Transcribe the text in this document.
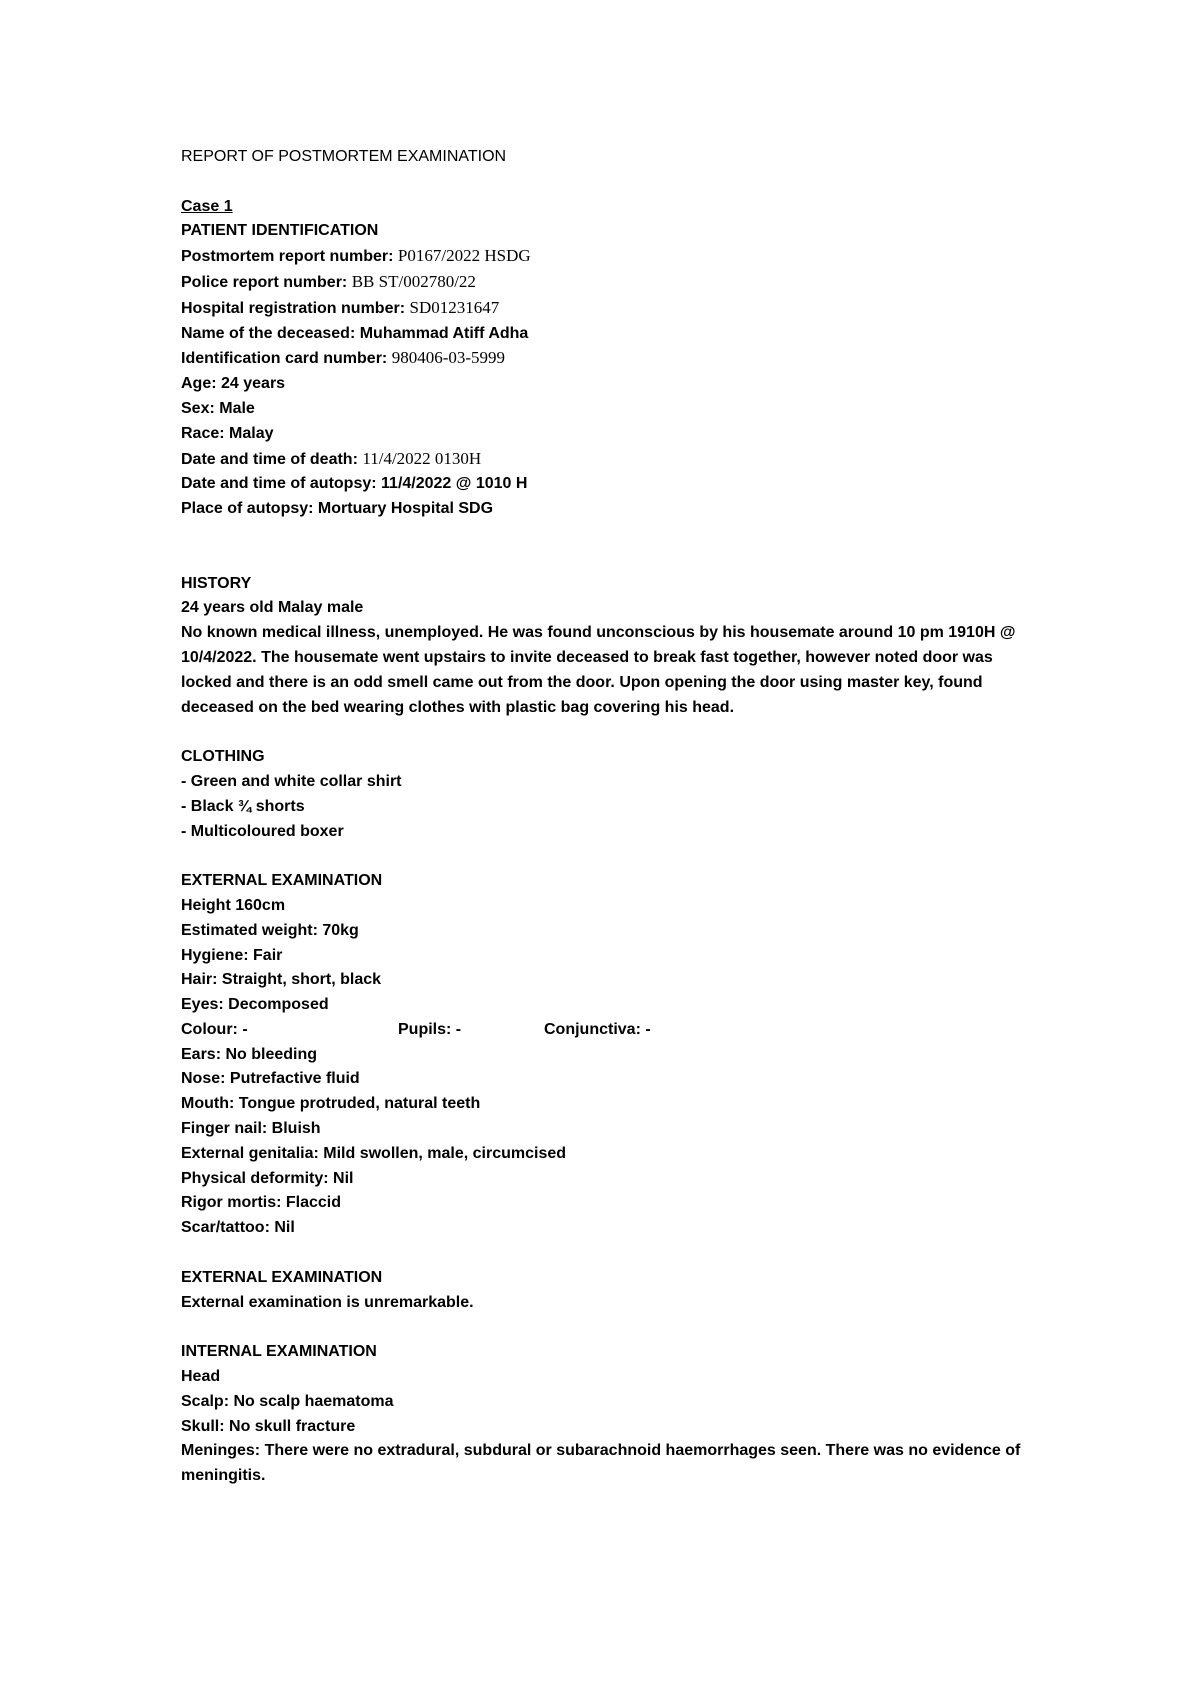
REPORT OF POSTMORTEM EXAMINATION
Case 1
PATIENT IDENTIFICATION
Postmortem report number: P0167/2022 HSDG
Police report number: BB ST/002780/22
Hospital registration number: SD01231647
Name of the deceased: Muhammad Atiff Adha
Identification card number: 980406-03-5999
Age: 24 years
Sex: Male
Race: Malay
Date and time of death: 11/4/2022 0130H
Date and time of autopsy: 11/4/2022 @ 1010 H
Place of autopsy: Mortuary Hospital SDG
HISTORY
24 years old Malay male
No known medical illness, unemployed. He was found unconscious by his housemate around 10 pm 1910H @ 10/4/2022. The housemate went upstairs to invite deceased to break fast together, however noted door was locked and there is an odd smell came out from the door. Upon opening the door using master key, found deceased on the bed wearing clothes with plastic bag covering his head.
CLOTHING
- Green and white collar shirt
- Black ¾ shorts
- Multicoloured boxer
EXTERNAL EXAMINATION
Height 160cm
Estimated weight: 70kg
Hygiene: Fair
Hair: Straight, short, black
Eyes: Decomposed
Colour: -	Pupils: -	Conjunctiva: -
Ears: No bleeding
Nose: Putrefactive fluid
Mouth: Tongue protruded, natural teeth
Finger nail: Bluish
External genitalia: Mild swollen, male, circumcised
Physical deformity: Nil
Rigor mortis: Flaccid
Scar/tattoo: Nil
EXTERNAL EXAMINATION
External examination is unremarkable.
INTERNAL EXAMINATION
Head
Scalp: No scalp haematoma
Skull: No skull fracture
Meninges: There were no extradural, subdural or subarachnoid haemorrhages seen. There was no evidence of meningitis.
